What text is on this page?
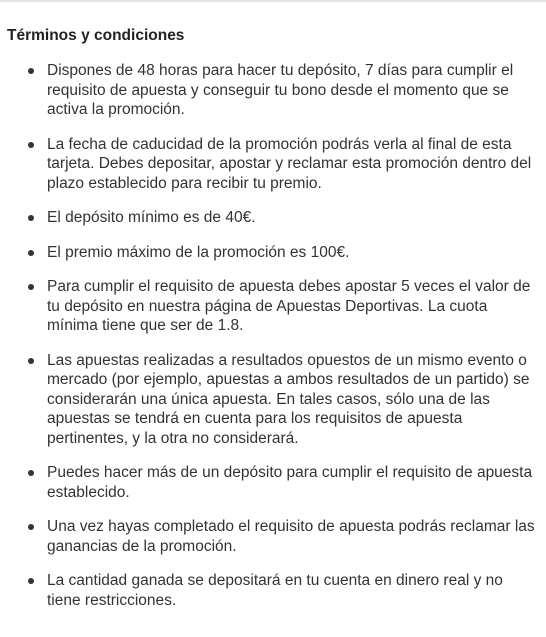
Términos y condiciones
Dispones de 48 horas para hacer tu depósito, 7 días para cumplir el requisito de apuesta y conseguir tu bono desde el momento que se activa la promoción.
La fecha de caducidad de la promoción podrás verla al final de esta tarjeta. Debes depositar, apostar y reclamar esta promoción dentro del plazo establecido para recibir tu premio.
El depósito mínimo es de 40€.
El premio máximo de la promoción es 100€.
Para cumplir el requisito de apuesta debes apostar 5 veces el valor de tu depósito en nuestra página de Apuestas Deportivas. La cuota mínima tiene que ser de 1.8.
Las apuestas realizadas a resultados opuestos de un mismo evento o mercado (por ejemplo, apuestas a ambos resultados de un partido) se considerarán una única apuesta. En tales casos, sólo una de las apuestas se tendrá en cuenta para los requisitos de apuesta pertinentes, y la otra no considerará.
Puedes hacer más de un depósito para cumplir el requisito de apuesta establecido.
Una vez hayas completado el requisito de apuesta podrás reclamar las ganancias de la promoción.
La cantidad ganada se depositará en tu cuenta en dinero real y no tiene restricciones.
